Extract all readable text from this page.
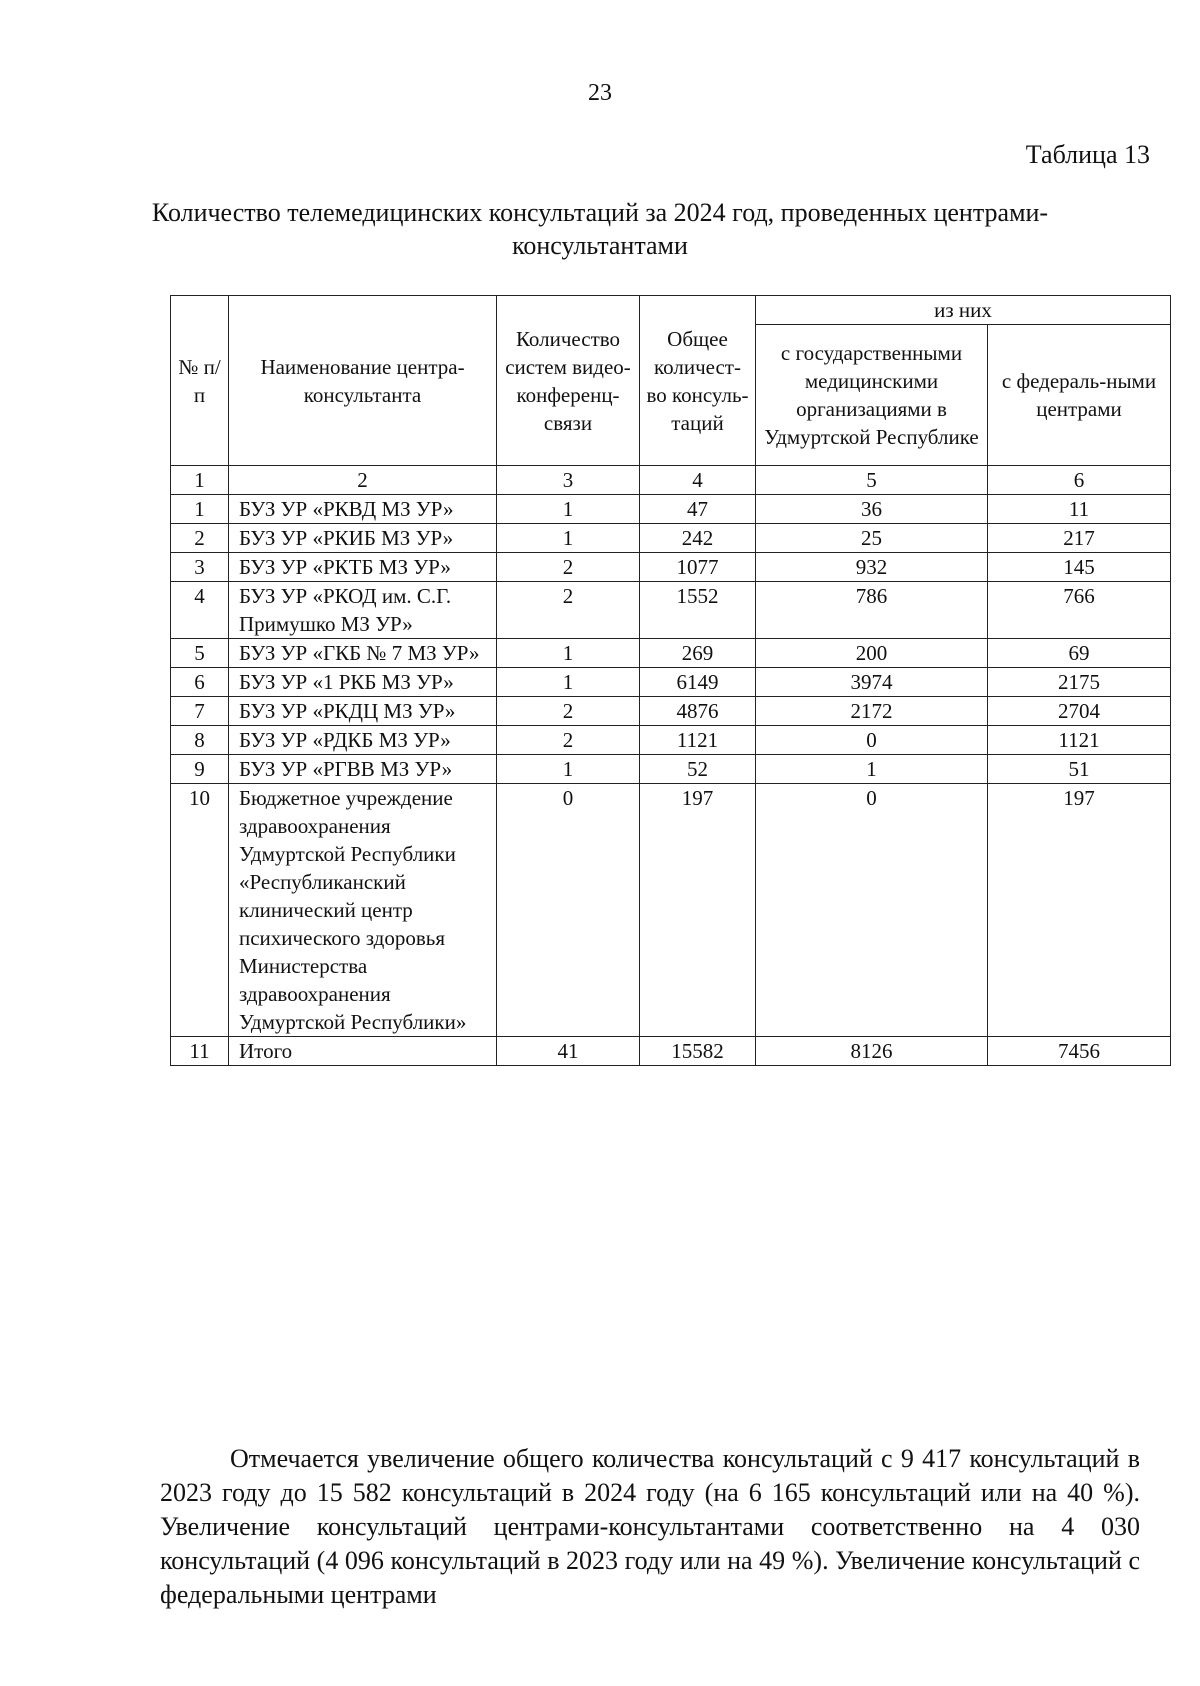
23
Таблица 13
Количество телемедицинских консультаций за 2024 год, проведенных центрами-консультантами
№ п/п	Наименование центра-консультанта	Количество систем видео-конференц-связи	Общее количест-во консуль-таций	из них	
				с государственными медицинскими организациями в Удмуртской Республике	с федераль-ными центрами
1	2	3	4	5	6
1	БУЗ УР «РКВД МЗ УР»	1	47	36	11
2	БУЗ УР «РКИБ МЗ УР»	1	242	25	217
3	БУЗ УР «РКТБ МЗ УР»	2	1077	932	145
4	БУЗ УР «РКОД им. С.Г. Примушко МЗ УР»	2	1552	786	766
5	БУЗ УР «ГКБ № 7 МЗ УР»	1	269	200	69
6	БУЗ УР «1 РКБ МЗ УР»	1	6149	3974	2175
7	БУЗ УР «РКДЦ МЗ УР»	2	4876	2172	2704
8	БУЗ УР «РДКБ МЗ УР»	2	1121	0	1121
9	БУЗ УР «РГВВ МЗ УР»	1	52	1	51
10	Бюджетное учреждение здравоохранения Удмуртской Республики «Республиканский клинический центр психического здоровья Министерства здравоохранения Удмуртской Республики»	0	197	0	197
11	Итого	41	15582	8126	7456
Отмечается увеличение общего количества консультаций с 9 417 консультаций в 2023 году до 15 582 консультаций в 2024 году (на 6 165 консультаций или на 40 %). Увеличение консультаций центрами-консультантами соответственно на 4 030 консультаций (4 096 консультаций в 2023 году или на 49 %). Увеличение консультаций с федеральными центрами
